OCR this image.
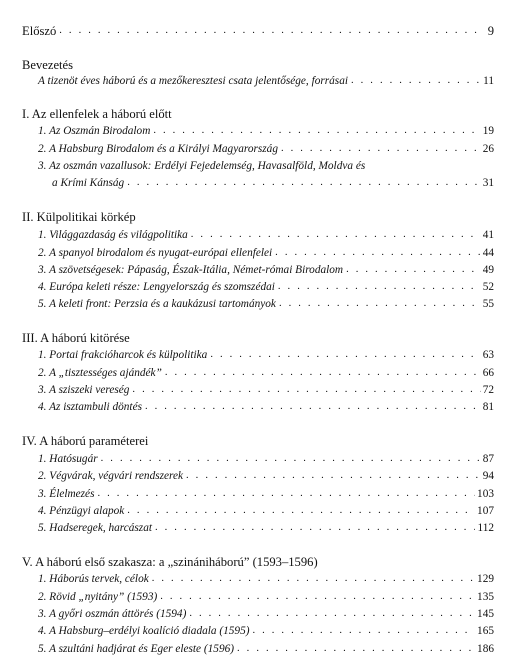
Előszó . . .	9
Bevezetés
A tizenöt éves háború és a mezőkeresztesi csata jelentősége, forrásai . . .	11
I. Az ellenfelek a háború előtt
1. Az Oszmán Birodalom . . .	19
2. A Habsburg Birodalom és a Királyi Magyarország . . .	26
3. Az oszmán vazallusok: Erdélyi Fejedelemség, Havasalföld, Moldva és
a Krími Kánság . . .	31
II. Külpolitikai körkép
1. Világgazdaság és világpolitika . . .	41
2. A spanyol birodalom és nyugat-európai ellenfelei . . .	44
3. A szövetségesek: Pápaság, Észak-Itália, Német-római Birodalom . . .	49
4. Európa keleti része: Lengyelország és szomszédai . . .	52
5. A keleti front: Perzsia és a kaukázusi tartományok . . .	55
III. A háború kitörése
1. Portai frakcióharcok és külpolitika . . .	63
2. A „tisztességes ajándék” . . .	66
3. A sziszeki vereség . . .	72
4. Az isztambuli döntés . . .	81
IV. A háború paraméterei
1. Hatósugár . . .	87
2. Végvárak, végvári rendszerek . . .	94
3. Élelmezés . . .	103
4. Pénzügyi alapok . . .	107
5. Hadseregek, harcászat . . .	112
V. A háború első szakasza: a „szinániháború” (1593–1596)
1. Háborús tervek, célok . . .	129
2. Rövid „nyitány” (1593) . . .	135
3. A győri oszmán áttörés (1594) . . .	145
4. A Habsburg–erdélyi koalíció diadala (1595) . . .	165
5. A szultáni hadjárat és Eger eleste (1596) . . .	186
